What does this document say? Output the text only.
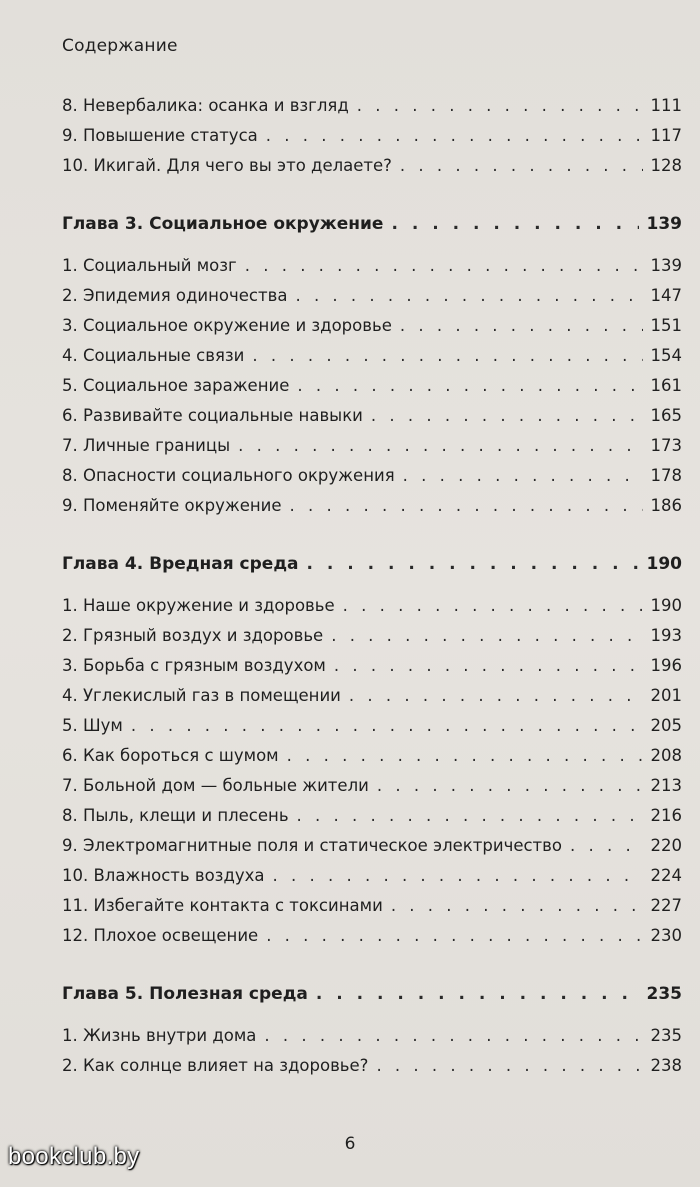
Содержание
8. Невербалика: осанка и взгляд . . .	111
9. Повышение статуса . . .	117
10. Икигай. Для чего вы это делаете? . . .	128
Глава 3. Социальное окружение . . .	139
1. Социальный мозг . . .	139
2. Эпидемия одиночества . . .	147
3. Социальное окружение и здоровье . . .	151
4. Социальные связи . . .	154
5. Социальное заражение . . .	161
6. Развивайте социальные навыки . . .	165
7. Личные границы . . .	173
8. Опасности социального окружения . . .	178
9. Поменяйте окружение . . .	186
Глава 4. Вредная среда . . .	190
1. Наше окружение и здоровье . . .	190
2. Грязный воздух и здоровье . . .	193
3. Борьба с грязным воздухом . . .	196
4. Углекислый газ в помещении . . .	201
5. Шум . . .	205
6. Как бороться с шумом . . .	208
7. Больной дом — больные жители . . .	213
8. Пыль, клещи и плесень . . .	216
9. Электромагнитные поля и статическое электричество . . .	220
10. Влажность воздуха . . .	224
11. Избегайте контакта с токсинами . . .	227
12. Плохое освещение . . .	230
Глава 5. Полезная среда . . .	235
1. Жизнь внутри дома . . .	235
2. Как солнце влияет на здоровье? . . .	238
6
bookclub.by
